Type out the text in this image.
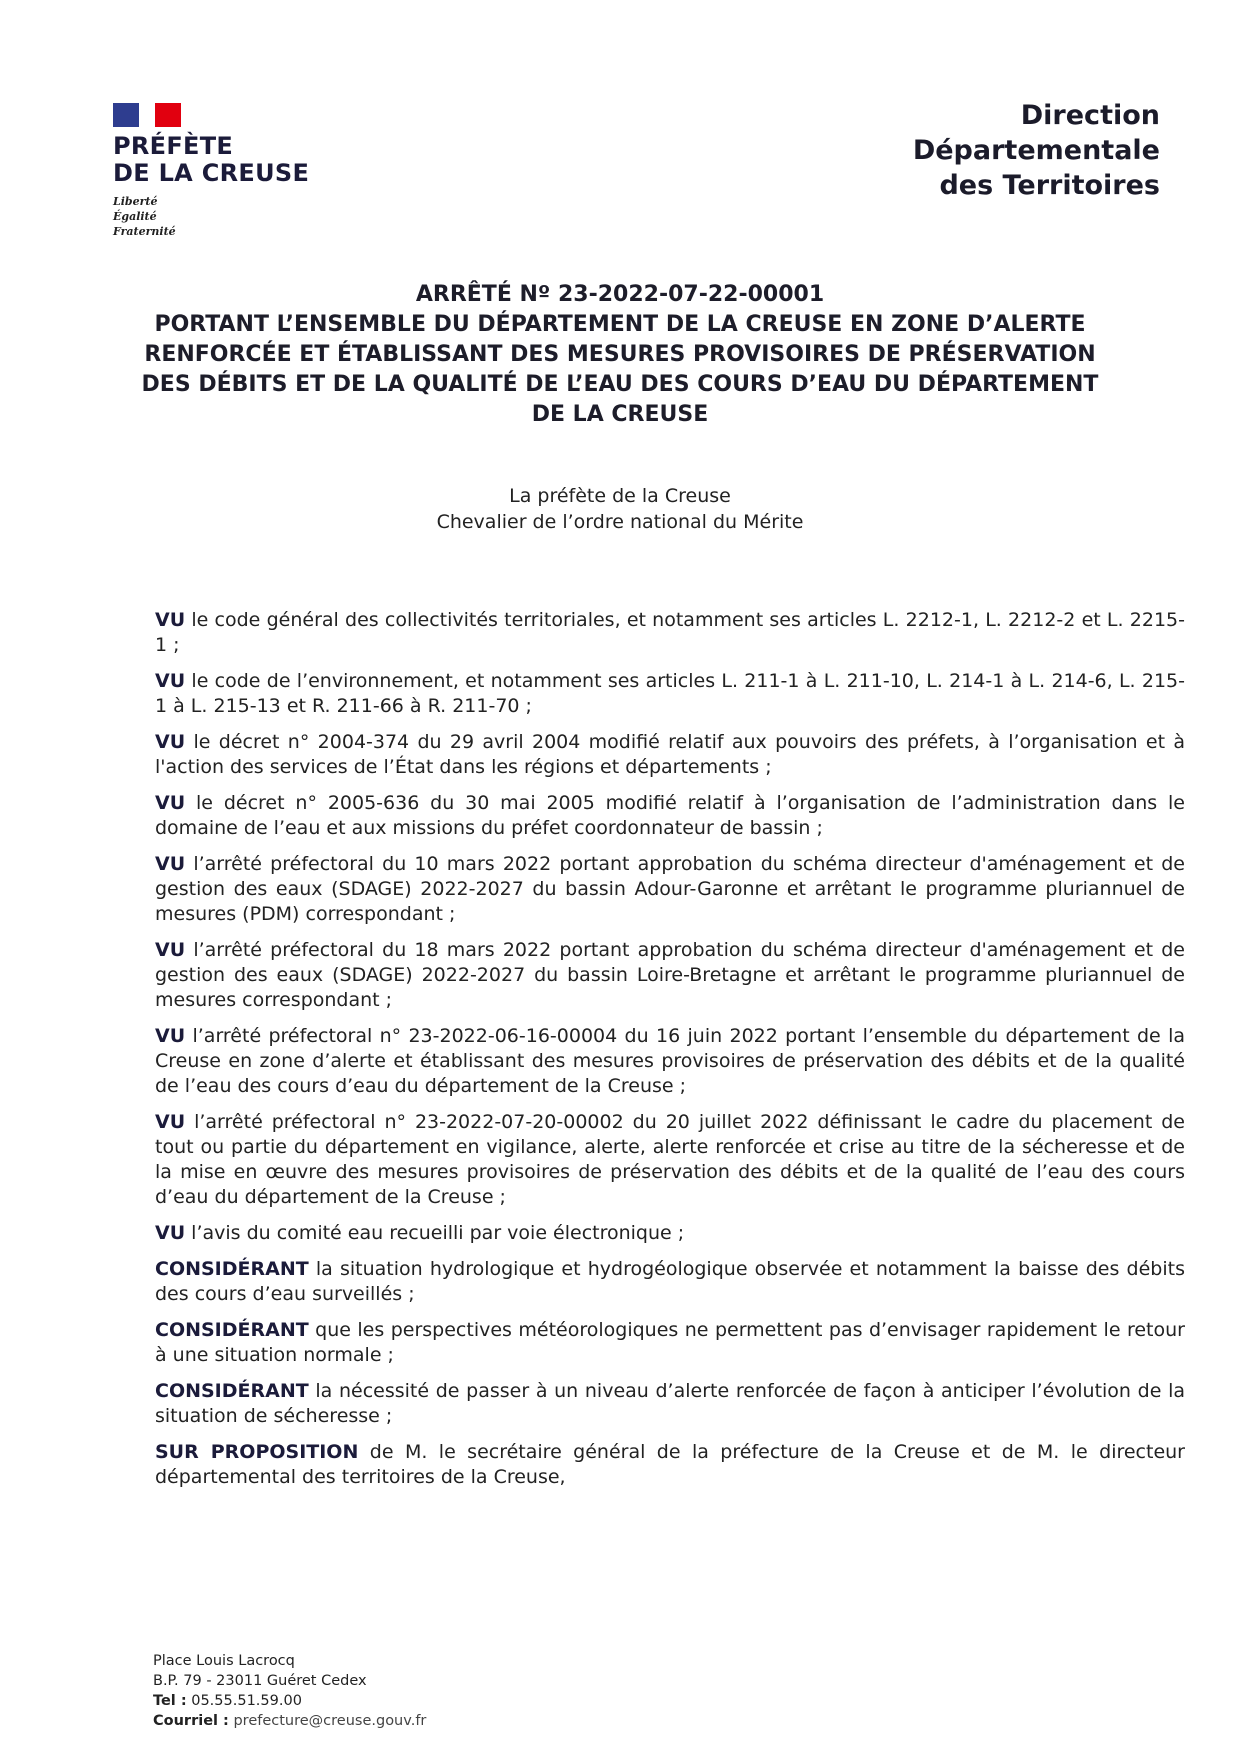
PRÉFÈTE
DE LA CREUSE
Liberté
Égalité
Fraternité
Direction
Départementale
des Territoires
ARRÊTÉ Nº 23-2022-07-22-00001
PORTANT L’ENSEMBLE DU DÉPARTEMENT DE LA CREUSE EN ZONE D’ALERTE RENFORCÉE ET ÉTABLISSANT DES MESURES PROVISOIRES DE PRÉSERVATION DES DÉBITS ET DE LA QUALITÉ DE L’EAU DES COURS D’EAU DU DÉPARTEMENT DE LA CREUSE
La préfète de la Creuse
Chevalier de l’ordre national du Mérite

VU le code général des collectivités territoriales, et notamment ses articles L. 2212-1, L. 2212-2 et L. 2215-1 ;

VU le code de l’environnement, et notamment ses articles L. 211-1 à L. 211-10, L. 214-1 à L. 214-6, L. 215-1 à L. 215-13 et R. 211-66 à R. 211-70 ;

VU le décret n° 2004-374 du 29 avril 2004 modifié relatif aux pouvoirs des préfets, à l’organisation et à l'action des services de l’État dans les régions et départements ;

VU le décret n° 2005-636 du 30 mai 2005 modifié relatif à l’organisation de l’administration dans le domaine de l’eau et aux missions du préfet coordonnateur de bassin ;

VU l’arrêté préfectoral du 10 mars 2022 portant approbation du schéma directeur d'aménagement et de gestion des eaux (SDAGE) 2022-2027 du bassin Adour-Garonne et arrêtant le programme pluriannuel de mesures (PDM) correspondant ;

VU l’arrêté préfectoral du 18 mars 2022 portant approbation du schéma directeur d'aménagement et de gestion des eaux (SDAGE) 2022-2027 du bassin Loire-Bretagne et arrêtant le programme pluriannuel de mesures correspondant ;

VU l’arrêté préfectoral n° 23-2022-06-16-00004 du 16 juin 2022 portant l’ensemble du département de la Creuse en zone d’alerte et établissant des mesures provisoires de préservation des débits et de la qualité de l’eau des cours d’eau du département de la Creuse ;

VU l’arrêté préfectoral n° 23-2022-07-20-00002 du 20 juillet 2022 définissant le cadre du placement de tout ou partie du département en vigilance, alerte, alerte renforcée et crise au titre de la sécheresse et de la mise en œuvre des mesures provisoires de préservation des débits et de la qualité de l’eau des cours d’eau du département de la Creuse ;

VU l’avis du comité eau recueilli par voie électronique ;

CONSIDÉRANT la situation hydrologique et hydrogéologique observée et notamment la baisse des débits des cours d’eau surveillés ;

CONSIDÉRANT que les perspectives météorologiques ne permettent pas d’envisager rapidement le retour à une situation normale ;

CONSIDÉRANT la nécessité de passer à un niveau d’alerte renforcée de façon à anticiper l’évolution de la situation de sécheresse ;

SUR PROPOSITION de M. le secrétaire général de la préfecture de la Creuse et de M. le directeur départemental des territoires de la Creuse,

Place Louis Lacrocq
B.P. 79 - 23011 Guéret Cedex
Tel : 05.55.51.59.00
Courriel : prefecture@creuse.gouv.fr
